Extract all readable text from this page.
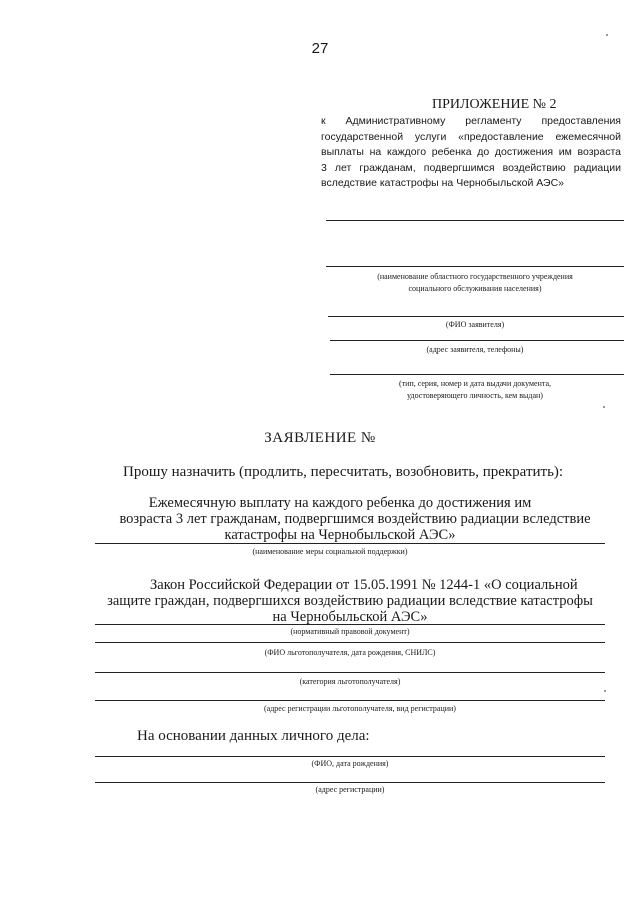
27
ПРИЛОЖЕНИЕ № 2
к Административному регламенту предоставления
государственной услуги «предоставление ежемесячной
выплаты на каждого ребенка до достижения им возраста
3 лет гражданам, подвергшимся воздействию радиации
вследствие катастрофы на Чернобыльской АЭС»
(наименование областного государственного учреждения
социального обслуживания населения)
(ФИО заявителя)
(адрес заявителя, телефоны)
(тип, серия, номер и дата выдачи документа,
удостоверяющего личность, кем выдан)
ЗАЯВЛЕНИЕ №
Прошу назначить (продлить, пересчитать, возобновить, прекратить):
Ежемесячную выплату на каждого ребенка до достижения им
возраста 3 лет гражданам, подвергшимся воздействию радиации вследствие
катастрофы на Чернобыльской АЭС»
(наименование меры социальной поддержки)
Закон Российской Федерации от 15.05.1991 № 1244-1 «О социальной
защите граждан, подвергшихся воздействию радиации вследствие катастрофы
на Чернобыльской АЭС»
(нормативный правовой документ)
(ФИО льготополучателя, дата рождения, СНИЛС)
(категория льготополучателя)
(адрес регистрации льготополучателя, вид регистрации)
На основании данных личного дела:
(ФИО, дата рождения)
(адрес регистрации)
